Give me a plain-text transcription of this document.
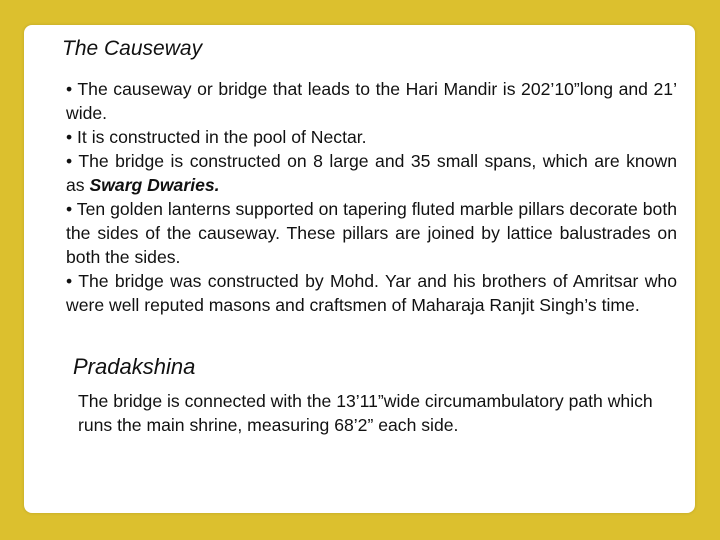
The Causeway

• The causeway or bridge that leads to the Hari Mandir is 202’10”long and 21’ wide.

• It is constructed in the pool of Nectar.

• The bridge is constructed on 8 large and 35 small spans, which are known as Swarg Dwaries.

• Ten golden lanterns supported on tapering fluted marble pillars decorate both the sides of the causeway. These pillars are joined by lattice balustrades on both the sides.

• The bridge was constructed by Mohd. Yar and his brothers of Amritsar who were well reputed masons and craftsmen of Maharaja Ranjit Singh’s time.

Pradakshina

The bridge is connected with the 13’11”wide circumambulatory path which runs the main shrine, measuring 68’2” each side.
